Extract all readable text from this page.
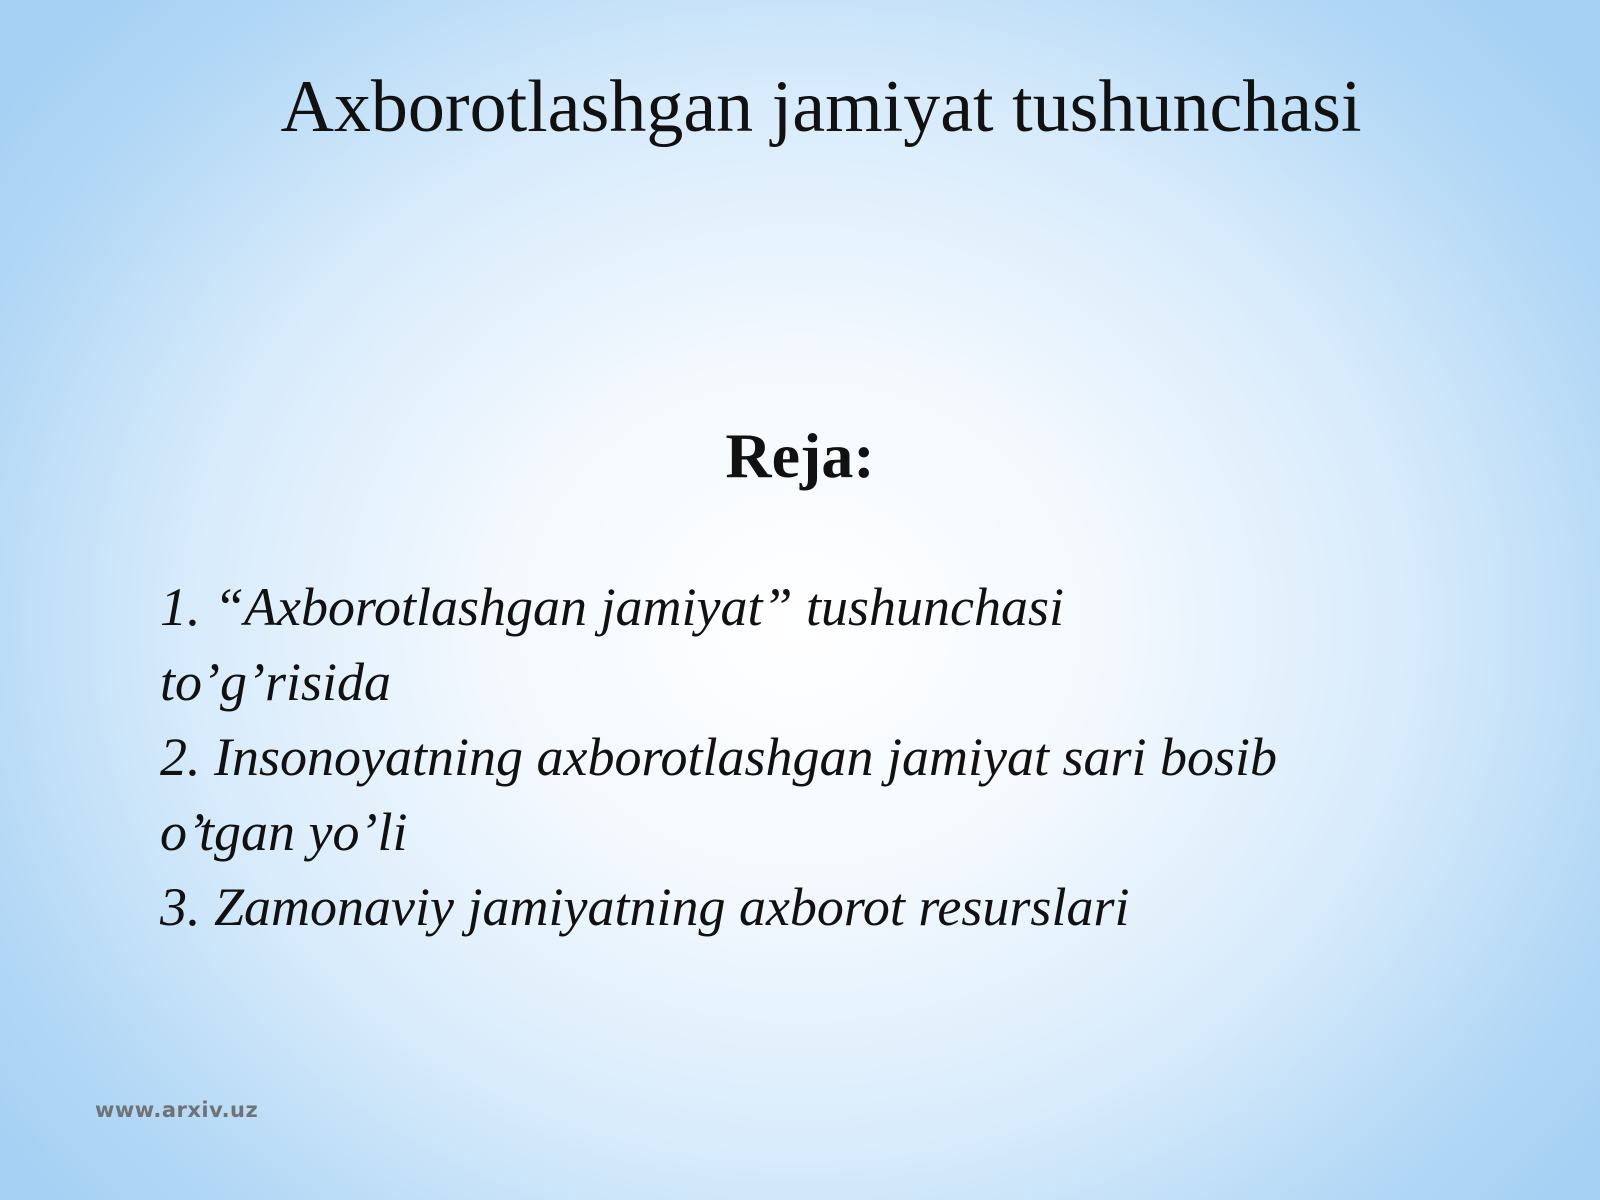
Axborotlashgan jamiyat tushunchasi
Reja:
1. “Axborotlashgan jamiyat” tushunchasi
to’g’risida
2. Insonoyatning axborotlashgan jamiyat sari bosib
o’tgan yo’li
3. Zamonaviy jamiyatning axborot resurslari
www.arxiv.uz
